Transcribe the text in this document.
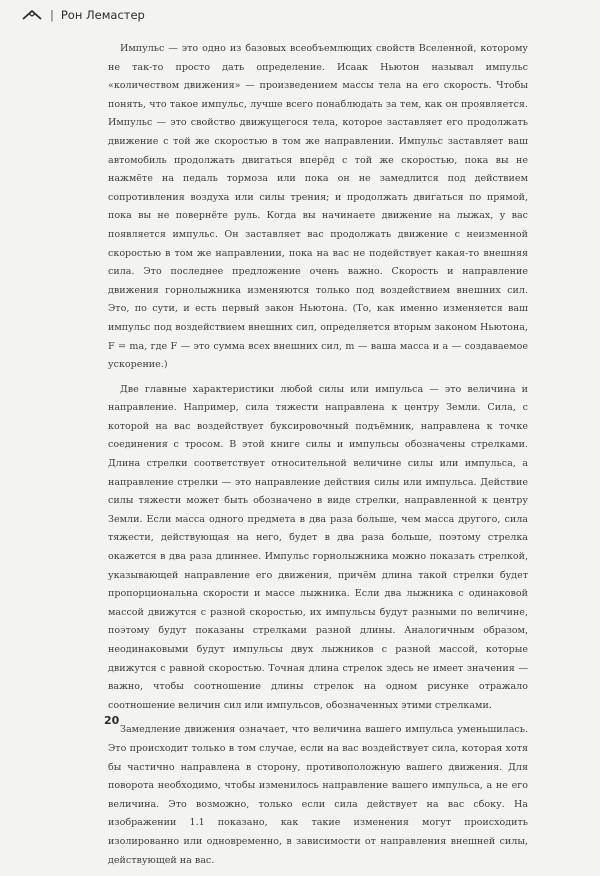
| Рон Лемастер

Импульс — это одно из базовых всеобъемлющих свойств Вселенной, которому не так-то просто дать определение. Исаак Ньютон называл импульс «количеством движения» — произведением массы тела на его скорость. Чтобы понять, что такое импульс, лучше всего понаблюдать за тем, как он проявляется. Импульс — это свойство движущегося тела, которое заставляет его продолжать движение с той же скоростью в том же направлении. Импульс заставляет ваш автомобиль продолжать двигаться вперёд с той же скоростью, пока вы не нажмёте на педаль тормоза или пока он не замедлится под действием сопротивления воздуха или силы трения; и продолжать двигаться по прямой, пока вы не повернёте руль. Когда вы начинаете движение на лыжах, у вас появляется импульс. Он заставляет вас продолжать движение с неизменной скоростью в том же направлении, пока на вас не подействует какая-то внешняя сила. Это последнее предложение очень важно. Скорость и направление движения горнолыжника изменяются только под воздействием внешних сил. Это, по сути, и есть первый закон Ньютона. (То, как именно изменяется ваш импульс под воздействием внешних сил, определяется вторым законом Ньютона, F = ma, где F — это сумма всех внешних сил, m — ваша масса и a — создаваемое ускорение.)

Две главные характеристики любой силы или импульса — это величина и направление. Например, сила тяжести направлена к центру Земли. Сила, с которой на вас воздействует буксировочный подъёмник, направлена к точке соединения с тросом. В этой книге силы и импульсы обозначены стрелками. Длина стрелки соответствует относительной величине силы или импульса, а направление стрелки — это направление действия силы или импульса. Действие силы тяжести может быть обозначено в виде стрелки, направленной к центру Земли. Если масса одного предмета в два раза больше, чем масса другого, сила тяжести, действующая на него, будет в два раза больше, поэтому стрелка окажется в два раза длиннее. Импульс горнолыжника можно показать стрелкой, указывающей направление его движения, причём длина такой стрелки будет пропорциональна скорости и массе лыжника. Если два лыжника с одинаковой массой движутся с разной скоростью, их импульсы будут разными по величине, поэтому будут показаны стрелками разной длины. Аналогичным образом, неодинаковыми будут импульсы двух лыжников с разной массой, которые движутся с равной скоростью. Точная длина стрелок здесь не имеет значения — важно, чтобы соотношение длины стрелок на одном рисунке отражало соотношение величин сил или импульсов, обозначенных этими стрелками.

Замедление движения означает, что величина вашего импульса уменьшилась. Это происходит только в том случае, если на вас воздействует сила, которая хотя бы частично направлена в сторону, противоположную вашего движения. Для поворота необходимо, чтобы изменилось направление вашего импульса, а не его величина. Это возможно, только если сила действует на вас сбоку. На изображении 1.1 показано, как такие изменения могут происходить изолированно или одновременно, в зависимости от направления внешней силы, действующей на вас.

20
